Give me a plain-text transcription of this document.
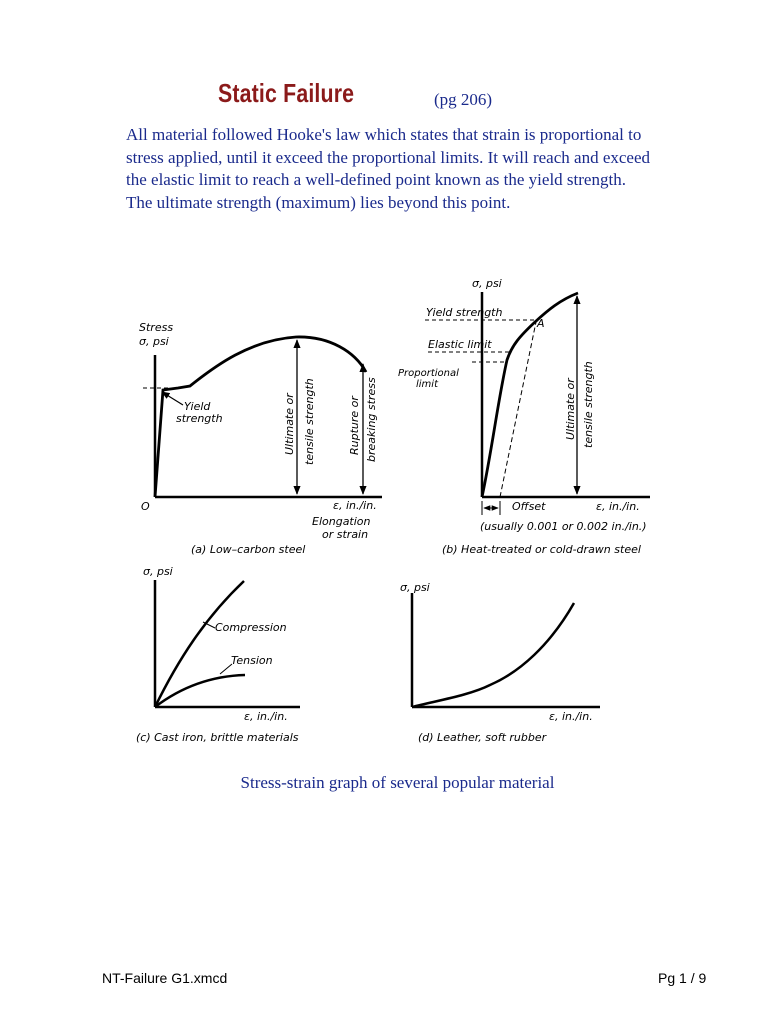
Static Failure	(pg 206)
All material followed Hooke's law which states that strain is proportional to stress applied, until it exceed the proportional limits. It will reach and exceed the elastic limit to reach a well-defined point known as the yield strength. The ultimate strength (maximum) lies beyond this point.
Stress
σ, psi
O
Yield
strength	Ultimate or tensile strength	Rupture or breaking stress
ε, in./in.
Elongation
or strain
(a) Low–carbon steel
σ, psi
Yield strength
A
Elastic limit
Proportional
limit	Ultimate or tensile strength
Offset	ε, in./in.
(usually 0.001 or 0.002 in./in.)
(b) Heat-treated or cold-drawn steel
σ, psi
Compression
Tension
ε, in./in.
(c) Cast iron, brittle materials
σ, psi
ε, in./in.
(d) Leather, soft rubber
Stress-strain graph of several popular material
NT-Failure G1.xmcd	Pg 1 / 9
